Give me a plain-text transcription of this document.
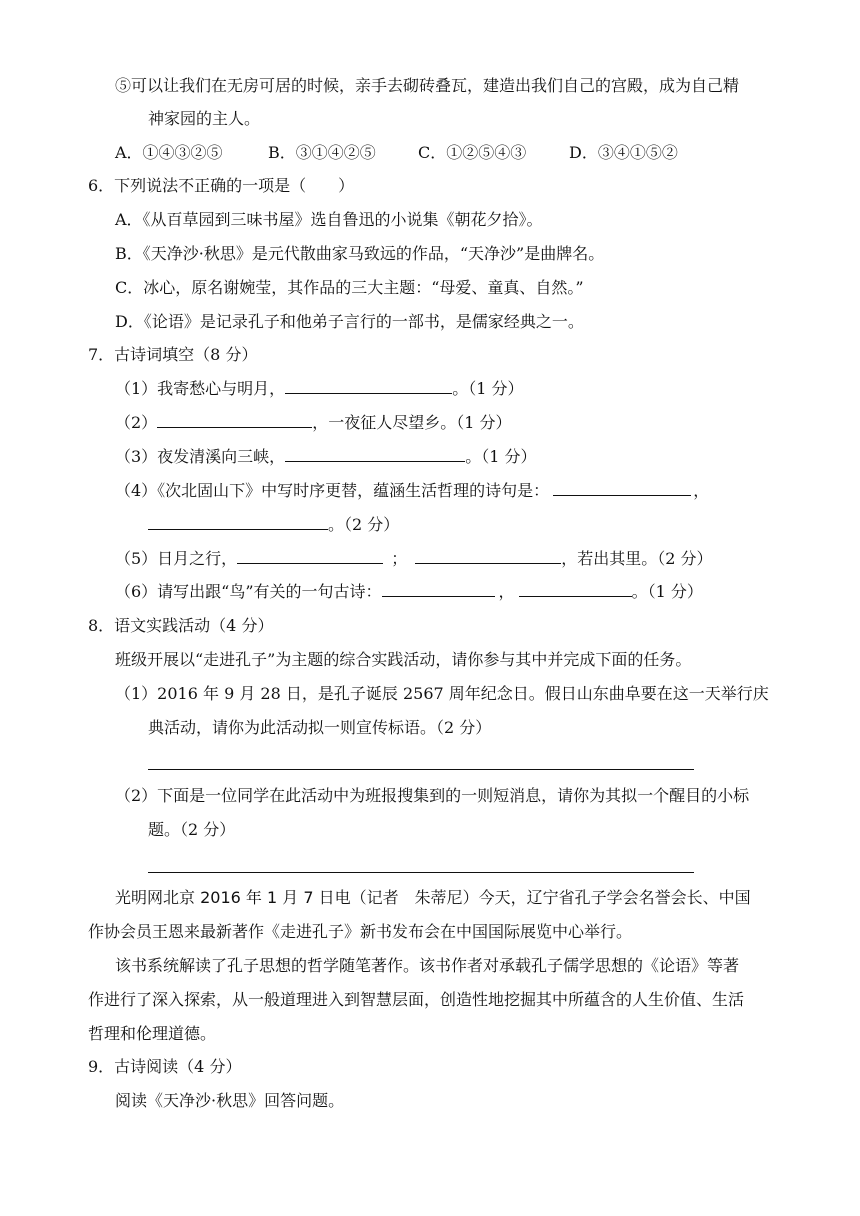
⑤可以让我们在无房可居的时候，亲手去砌砖叠瓦，建造出我们自己的宫殿，成为自己精
神家园的主人。
A．①④③②⑤	B．③①④②⑤	C．①②⑤④③	D．③④①⑤②
6．下列说法不正确的一项是（　　）
A．《从百草园到三味书屋》选自鲁迅的小说集《朝花夕拾》。
B．《天净沙·秋思》是元代散曲家马致远的作品，“天净沙”是曲牌名。
C．冰心，原名谢婉莹，其作品的三大主题：“母爱、童真、自然。”
D．《论语》是记录孔子和他弟子言行的一部书，是儒家经典之一。
7．古诗词填空（8 分）
（1）我寄愁心与明月，	。（1 分）
（2）	，一夜征人尽望乡。（1 分）
（3）夜发清溪向三峡，	。（1 分）
（4）《次北固山下》中写时序更替，蕴涵生活哲理的诗句是：	，
。（2 分）
（5）日月之行，	；	，若出其里。（2 分）
（6）请写出跟“鸟”有关的一句古诗：	，	。（1 分）
8．语文实践活动（4 分）
班级开展以“走进孔子”为主题的综合实践活动，请你参与其中并完成下面的任务。
（1）2016 年 9 月 28 日，是孔子诞辰 2567 周年纪念日。假日山东曲阜要在这一天举行庆
典活动，请你为此活动拟一则宣传标语。（2 分）
（2）下面是一位同学在此活动中为班报搜集到的一则短消息，请你为其拟一个醒目的小标
题。（2 分）
光明网北京 2016 年 1 月 7 日电（记者　朱蒂尼）今天，辽宁省孔子学会名誉会长、中国
作协会员王恩来最新著作《走进孔子》新书发布会在中国国际展览中心举行。
该书系统解读了孔子思想的哲学随笔著作。该书作者对承载孔子儒学思想的《论语》等著
作进行了深入探索，从一般道理进入到智慧层面，创造性地挖掘其中所蕴含的人生价值、生活
哲理和伦理道德。
9．古诗阅读（4 分）
阅读《天净沙·秋思》回答问题。
